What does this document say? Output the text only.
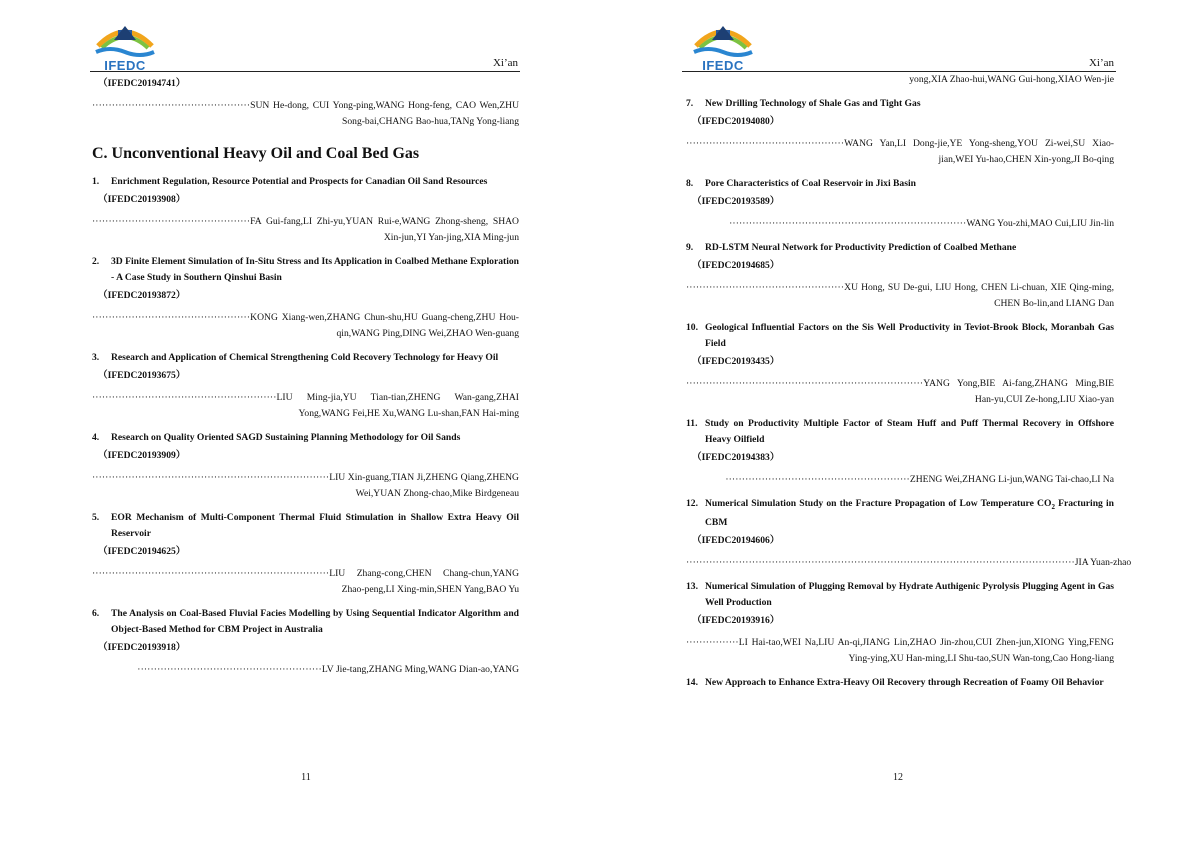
IFEDC	Xi’an
（IFEDC20194741）
················································SUN He-dong, CUI Yong-ping,WANG Hong-feng, CAO Wen,ZHU Song-bai,CHANG Bao-hua,TANg Yong-liang
C. Unconventional Heavy Oil and Coal Bed Gas
1.	Enrichment Regulation, Resource Potential and Prospects for Canadian Oil Sand Resources
（IFEDC20193908）
················································FA Gui-fang,LI Zhi-yu,YUAN Rui-e,WANG Zhong-sheng, SHAO Xin-jun,YI Yan-jing,XIA Ming-jun
2.	3D Finite Element Simulation of In-Situ Stress and Its Application in Coalbed Methane Exploration - A Case Study in Southern Qinshui Basin
（IFEDC20193872）
················································KONG Xiang-wen,ZHANG Chun-shu,HU Guang-cheng,ZHU Hou-qin,WANG Ping,DING Wei,ZHAO Wen-guang
3.	Research and Application of Chemical Strengthening Cold Recovery Technology for Heavy Oil
（IFEDC20193675）
························································LIU Ming-jia,YU Tian-tian,ZHENG Wan-gang,ZHAI Yong,WANG Fei,HE Xu,WANG Lu-shan,FAN Hai-ming
4.	Research on Quality Oriented SAGD Sustaining Planning Methodology for Oil Sands
（IFEDC20193909）
········································································LIU Xin-guang,TIAN Ji,ZHENG Qiang,ZHENG Wei,YUAN Zhong-chao,Mike Birdgeneau
5.	EOR Mechanism of Multi-Component Thermal Fluid Stimulation in Shallow Extra Heavy Oil Reservoir
（IFEDC20194625）
········································································LIU Zhang-cong,CHEN Chang-chun,YANG Zhao-peng,LI Xing-min,SHEN Yang,BAO Yu
6.	The Analysis on Coal-Based Fluvial Facies Modelling by Using Sequential Indicator Algorithm and Object-Based Method for CBM Project in Australia
（IFEDC20193918）
························································LV Jie-tang,ZHANG Ming,WANG Dian-ao,YANG
11
IFEDC	Xi’an
yong,XIA Zhao-hui,WANG Gui-hong,XIAO Wen-jie
7.	New Drilling Technology of Shale Gas and Tight Gas
（IFEDC20194080）
················································WANG Yan,LI Dong-jie,YE Yong-sheng,YOU Zi-wei,SU Xiao-jian,WEI Yu-hao,CHEN Xin-yong,JI Bo-qing
8.	Pore Characteristics of Coal Reservoir in Jixi Basin
（IFEDC20193589）
········································································WANG You-zhi,MAO Cui,LIU Jin-lin
9.	RD-LSTM Neural Network for Productivity Prediction of Coalbed Methane
（IFEDC20194685）
················································XU Hong, SU De-gui, LIU Hong, CHEN Li-chuan, XIE Qing-ming, CHEN Bo-lin,and LIANG Dan
10. Geological Influential Factors on the Sis Well Productivity in Teviot-Brook Block, Moranbah Gas Field
（IFEDC20193435）
········································································YANG Yong,BIE Ai-fang,ZHANG Ming,BIE Han-yu,CUI Ze-hong,LIU Xiao-yan
11. Study on Productivity Multiple Factor of Steam Huff and Puff Thermal Recovery in Offshore Heavy Oilfield
（IFEDC20194383）
························································ZHENG Wei,ZHANG Li-jun,WANG Tai-chao,LI Na
12. Numerical Simulation Study on the Fracture Propagation of Low Temperature $CO_2$ Fracturing in CBM
（IFEDC20194606）
······················································································································JIA Yuan-zhao
13. Numerical Simulation of Plugging Removal by Hydrate Authigenic Pyrolysis Plugging Agent in Gas Well Production
（IFEDC20193916）
················LI Hai-tao,WEI Na,LIU An-qi,JIANG Lin,ZHAO Jin-zhou,CUI Zhen-jun,XIONG Ying,FENG Ying-ying,XU Han-ming,LI Shu-tao,SUN Wan-tong,Cao Hong-liang
14. New Approach to Enhance Extra-Heavy Oil Recovery through Recreation of Foamy Oil Behavior
12
